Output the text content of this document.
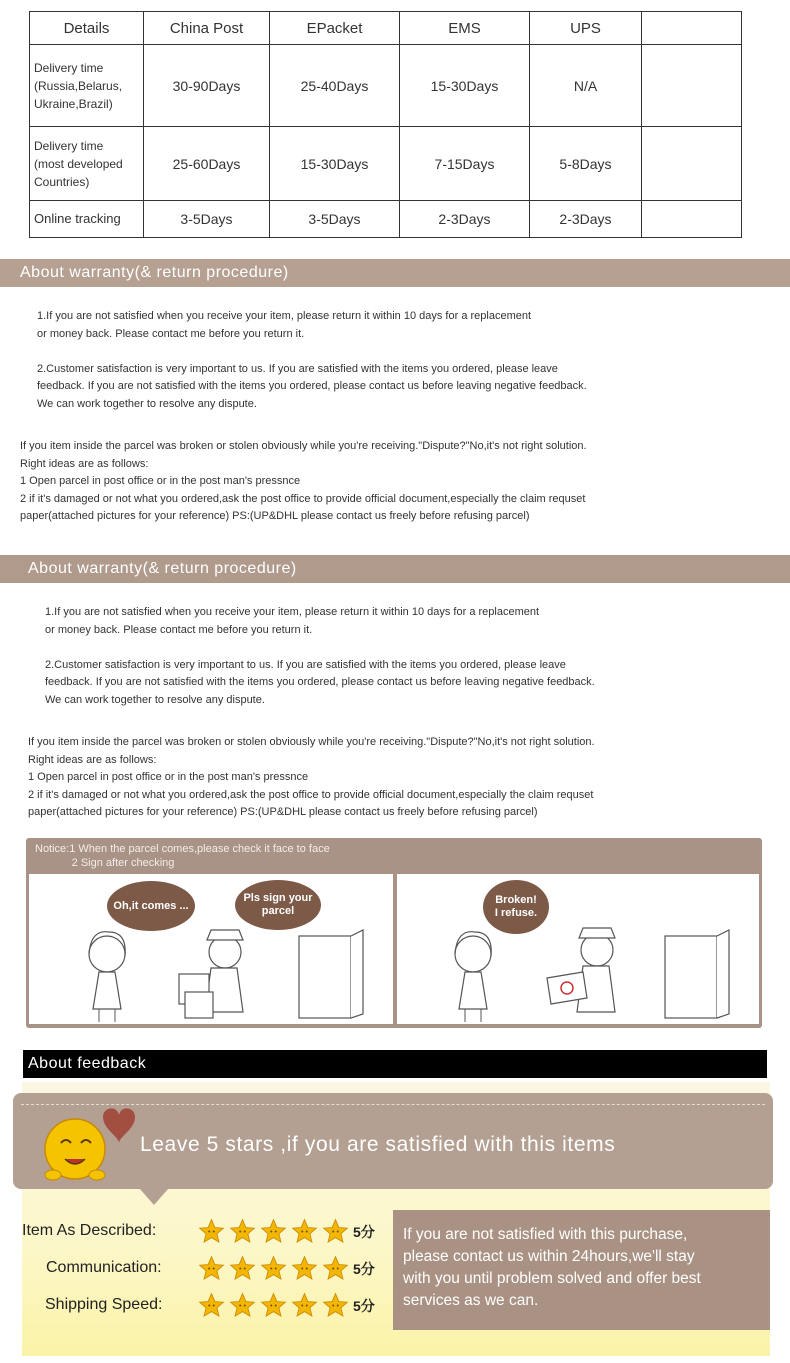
Details	China Post	EPacket	EMS	UPS	
Delivery time
(Russia,Belarus,
Ukraine,Brazil)	30-90Days	25-40Days	15-30Days	N/A	
Delivery time
(most developed
Countries)	25-60Days	15-30Days	7-15Days	5-8Days	
Online tracking	3-5Days	3-5Days	2-3Days	2-3Days	
About warranty(& return procedure)
1.If you are not satisfied when you receive your item, please return it within 10 days for a replacement
or money back. Please contact me before you return it.

2.Customer satisfaction is very important to us. If you are satisfied with the items you ordered, please leave
feedback. If you are not satisfied with the items you ordered, please contact us before leaving negative feedback.
We can work together to resolve any dispute.
If you item inside the parcel was broken or stolen obviously while you're receiving."Dispute?"No,it's not right solution.
Right ideas are as follows:
1 Open parcel in post office or in the post man's pressnce
2 if it's damaged or not what you ordered,ask the post office to provide official document,especially the claim requset
paper(attached pictures for your reference) PS:(UP&DHL please contact us freely before refusing parcel)
About warranty(& return procedure)
1.If you are not satisfied when you receive your item, please return it within 10 days for a replacement
or money back. Please contact me before you return it.

2.Customer satisfaction is very important to us. If you are satisfied with the items you ordered, please leave
feedback. If you are not satisfied with the items you ordered, please contact us before leaving negative feedback.
We can work together to resolve any dispute.
If you item inside the parcel was broken or stolen obviously while you're receiving."Dispute?"No,it's not right solution.
Right ideas are as follows:
1 Open parcel in post office or in the post man's pressnce
2 if it's damaged or not what you ordered,ask the post office to provide official document,especially the claim requset
paper(attached pictures for your reference) PS:(UP&DHL please contact us freely before refusing parcel)
Notice:1 When the parcel comes,please check it face to face
2 Sign after checking
Oh,it comes ...
Pls sign your
parcel
Broken!
I refuse.
About feedback
Leave 5 stars ,if you are satisfied with this items
Item As Described:	5分
Communication:	5分
Shipping Speed:	5分
If you are not satisfied with this purchase,
please contact us within 24hours,we'll stay
with you until problem solved and offer best
services as we can.
